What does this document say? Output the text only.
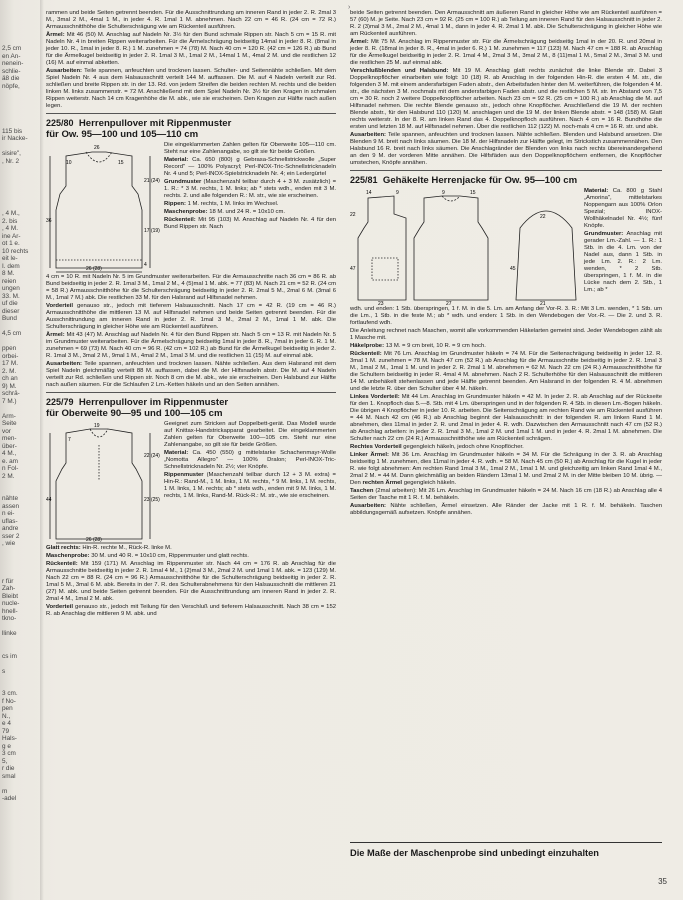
›

2,5 cm
en An-
nenein-
schlie-
ä8 die
nöpfe,

115 bis
ir Nacke-

sisire",
, Nr. 2

, 4 M.,
2. bis
, 4 M.
ine Ar-
ot 1 e.
10 rechts
eit le-
I. dem
8 M.
reien
ungen
33. M.
uf die
dieser
Bund

4,5 cm

ppen
orbei-
17 M.
2. M.
ch an
9) M.
schrä-
7 M.)

Arm-
Seite
vor
men-
über-
4 M.,
e. am
n Fol-
2 M.

nähte
assen
n ei-
uflas-
andre
sser 2
, wie

r für
Zah-
Bleibt
nucle-
hnell-
tkno-

llinke

cs im

s

3 cm.
f No-
pen
N.,
e 4
79
Hals-
g e
3 cm
5,
r die
smal

m
-adel

rammen und beide Seiten getrennt beenden. Für die Ausschnittrundung am inneren Rand in jeder 2. R. 2mal 3 M., 3mal 2 M., 4mal 1 M., in jeder 4. R. 1mal 1 M. abnehmen. Nach 22 cm = 46 R. (24 cm = 72 R.) Armausschnitthöhe die Schulterschrägung wie am Rückenteil ausführen.

Ärmel: Mit 46 (50) M. Anschlag auf Nadeln Nr. 3½ für den Bund schmale Rippen str. Nach 5 cm = 15 R. mit Nadeln Nr. 4 in breiten Rippen weiterarbeiten. Für die Ärmelschrägung beidseitig 14mal in jeder 8. R. (8mal in jeder 10. R., 1mal in jeder 8. R.) 1 M. zunehmen = 74 (78) M. Nach 40 cm = 120 R. (42 cm = 126 R.) ab Bund für die Ärmelkugel beidseitig in jeder 2. R. 1mal 3 M., 1mal 2 M., 14mal 1 M., 4mal 2 M. und die restlichen 12 (16) M. auf einmal abketten.

Ausarbeiten: Teile spannen, anfeuchten und trocknen lassen. Schulter- und Seitennähte schließen. Mit dem Spiel Nadeln Nr. 4 aus dem Halsausschnitt verteilt 144 M. auffassen. Die M. auf 4 Nadeln verteilt zur Rd. schließen und breite Rippen str. in der 13. Rd. von jedem Streifen die beiden rechten M. rechts und die beiden linken M. links zusammenstr. = 72 M. Anschließend mit dem Spiel Nadeln Nr. 3½ für den Kragen in schmalen Rippen weiterstr. Nach 14 cm Kragenhöhe die M. abk., wie sie erscheinen. Den Kragen zur Hälfte nach außen legen.

225/80 Herrenpullover mit Rippenmuster
für Ow. 95—100 und 105—110 cm
26
10	15
26 (28)
36
21 (24)
17 (19)
4

Die eingeklammerten Zahlen gelten für Oberweite 105—110 cm. Steht nur eine Zahlenangabe, so gilt sie für beide Größen.

Material: Ca. 650 (800) g Gebrasa-Schnellstrickwolle „Super Record" — 100% Polyacryl; Perl-INOX-Tric-Schnellstricknadeln Nr. 4 und 5; Perl-INOX-Spielstricknadeln Nr. 4; ein Ledergürtel

Grundmuster (Maschenzahl teilbar durch 4 + 3 M. zusätzlich) = 1. R.: * 3 M. rechts, 1 M. links; ab * stets wdh., enden mit 3 M. rechts. 2. und alle folgenden R.: M. str., wie sie erscheinen.

Rippen: 1 M. rechts, 1 M. links im Wechsel.

Maschenprobe: 18 M. und 24 R. = 10x10 cm.

Rückenteil: Mit 95 (103) M. Anschlag auf Nadeln Nr. 4 für den Bund Rippen str. Nach

4 cm = 10 R. mit Nadeln Nr. 5 im Grundmuster weiterarbeiten. Für die Armausschnitte nach 36 cm = 86 R. ab Bund beidseitig in jeder 2. R. 1mal 3 M., 1mal 2 M., 4 (5)mal 1 M. abk. = 77 (83) M. Nach 21 cm = 52 R. (24 cm = 58 R.) Armausschnitthöhe für die Schulterschrägung beidseitig in jeder 2. R. 2mal 5 M., 2mal 6 M. (3mal 6 M., 1mal 7 M.) abk. Die restlichen 33 M. für den Halsrand auf Hilfsnadel nehmen.

Vorderteil genauso str., jedoch mit tieferem Halsausschnitt. Nach 17 cm = 42 R. (19 cm = 46 R.) Armausschnitthöhe die mittleren 13 M. auf Hilfsnadel nehmen und beide Seiten getrennt beenden. Für die Ausschnittrundung am inneren Rand in jeder 2. R. 1mal 3 M., 2mal 2 M., 1mal 1 M. abk. Die Schulterschrägung in gleicher Höhe wie am Rückenteil ausführen.

Ärmel: Mit 43 (47) M. Anschlag auf Nadeln Nr. 4 für den Bund Rippen str. Nach 5 cm = 13 R. mit Nadeln Nr. 5 im Grundmuster weiterarbeiten. Für die Ärmelschrägung beidseitig 1mal in jeder 8. R., 7mal in jeder 6. R. 1 M. zunehmen = 69 (73) M. Nach 40 cm = 96 R. (42 cm = 102 R.) ab Bund für die Ärmelkugel beidseitig in jeder 2. R. 1mal 3 M., 3mal 2 M., 9mal 1 M., 4mal 2 M., 1mal 3 M. und die restlichen 11 (15) M. auf einmal abk.

Ausarbeiten: Teile spannen, anfeuchten und trocknen lassen. Nähte schließen. Aus dem Halsrand mit dem Spiel Nadeln gleichmäßig verteilt 88 M. auffassen, dabei die M. der Hilfsnadeln abstr. Die M. auf 4 Nadeln verteilt zur Rd. schließen und Rippen str. Noch 8 cm die M. abk., wie sie erscheinen. Den Halsbund zur Hälfte nach außen säumen. Für die Schlaufen 2 Lm.-Ketten häkeln und an den Seiten annähen.

225/79 Herrenpullover im Rippenmuster
für Oberweite 90—95 und 100—105 cm
19
7
26 (28)
44
22 (24)
23 (25)

Geeignet zum Stricken auf Doppelbett-gerät. Das Modell wurde auf Knittax-Handstrickapparat gearbeitet. Die eingeklammerten Zahlen gelten für Oberweite 100—105 cm. Steht nur eine Zahlenangabe, so gilt sie für beide Größen.

Material: Ca. 450 (550) g mittelstarke Schachenmayr-Wolle „Nomotta Allegro" — 100% Dralon; Perl-INOX-Tric-Schnellstricknadeln Nr. 2½; vier Knöpfe.

Rippenmuster (Maschenzahl teilbar durch 12 + 3 M. extra) = Hin-R.: Rand-M., 1 M. links, 1 M. rechts, * 9 M. links, 1 M. rechts, 1 M. links, 1 M. rechts; ab * stets wdh., enden mit 9 M. links, 1 M. rechts, 1 M. links, Rand-M. Rück-R.: M. str., wie sie erscheinen.

Glatt rechts: Hin-R. rechte M., Rück-R. linke M.

Maschenprobe: 30 M. und 40 R. = 10x10 cm, Rippenmuster und glatt rechts.

Rückenteil: Mit 159 (171) M. Anschlag im Rippenmuster str. Nach 44 cm = 176 R. ab Anschlag für die Armausschnitte beidseitig in jeder 2. R. 1mal 4 M., 1 (2)mal 3 M., 2mal 2 M. und 1mal 1 M. abk. = 123 (129) M. Nach 22 cm = 88 R. (24 cm = 96 R.) Armausschnitthöhe für die Schulterschrägung beidseitig in jeder 2. R. 1mal 5 M., 3mal 6 M. abk. Bereits in der 7. R. des Schulterabnehmens für den Halsausschnitt die mittleren 21 (27) M. abk. und beide Seiten getrennt beenden. Für die Ausschnittrundung am inneren Rand in jeder 2. R. 2mal 4 M., 1mal 2 M. abk.

Vorderteil genauso str., jedoch mit Teilung für den Verschluß und tieferem Halsausschnitt. Nach 38 cm = 152 R. ab Anschlag die mittleren 9 M. abk. und

beide Seiten getrennt beenden. Den Armausschnitt am äußeren Rand in gleicher Höhe wie am Rückenteil ausführen = 57 (60) M. je Seite. Nach 23 cm = 92 R. (25 cm = 100 R.) ab Teilung am inneren Rand für den Halsausschnitt in jeder 2. R. 2 (3)mal 3 M., 2mal 2 M., 4mal 1 M., dann in jeder 4. R. 2mal 1 M. abk. Die Schulterschrägung in gleicher Höhe wie am Rückenteil ausführen.

Ärmel: Mit 75 M. Anschlag im Rippenmuster str. Für die Ärmelschrägung beidseitig 1mal in der 20. R. und 20mal in jeder 8. R. (18mal in jeder 8. R., 4mal in jeder 6. R.) 1 M. zunehmen = 117 (123) M. Nach 47 cm = 188 R. ab Anschlag für die Ärmelkugel beidseitig in jeder 2. R. 1mal 4 M., 2mal 3 M., 3mal 2 M., 8 (11)mal 1 M., 5mal 2 M., 3mal 3 M. und die restlichen 25 M. auf einmal abk.

Verschlußblenden und Halsbund: Mit 19 M. Anschlag glatt rechts zunächst die linke Blende str. Dabei 3 Doppelknopflöcher einarbeiten wie folgt: 10 (18) R. ab Anschlag in der folgenden Hin-R. die ersten 4 M. str., die folgenden 3 M. mit einem andersfarbigen Faden abstr., den Arbeitsfaden hinter den M. weiterführen, die folgenden 4 M. str., die nächsten 3 M. nochmals mit dem andersfarbigen Faden abstr. und die restlichen 5 M. str. Im Abstand von 7,5 cm = 30 R. noch 2 weitere Doppelknopflöcher arbeiten. Nach 23 cm = 92 R. (25 cm = 100 R.) ab Anschlag die M. auf Hilfsnadel nehmen. Die rechte Blende genauso str., jedoch ohne Knopflöcher. Anschließend die 19 M. der rechten Blende abstr., für den Halsbund 110 (120) M. anschlagen und die 19 M. der linken Blende abstr. = 148 (158) M. Glatt rechts weiterstr. In der 8. R. am linken Rand das 4. Doppelknopfloch ausführen. Nach 4 cm = 16 R. Bundhöhe die ersten und letzten 18 M. auf Hilfsnadel nehmen. Über die restlichen 112 (122) M. noch-mals 4 cm = 16 R. str. und abk.

Ausarbeiten: Teile spannen, anfeuchten und trocknen lassen. Nähte schließen. Blenden und Halsbund ansetzen. Die Blenden 9 M. breit nach links säumen. Die 18 M. der Hilfsnadeln zur Hälfte gelegt, im Strickstich zusammennähen. Den Halsbund 16 R. breit nach links säumen. Die Anschlagränder der Blenden von links nach rechts übereinandergehend an den 9 M. der vorderen Mitte annähen. Die Hilfsfäden aus den Doppelknopflöchern entfernen, die Knopflöcher umstechen, Knöpfe annähen.

225/81 Gehäkelte Herrenjacke für Ow. 95—100 cm
14	9	9	15
47
22
23	27
45
22
21

Material: Ca. 800 g Stahl „Amorina", mittelstarkes Noppengarn aus 100% Orlon Spezial; INOX-Wollhäkelnadel Nr. 4½; fünf Knöpfe.

Grundmuster: Anschlag mit gerader Lm.-Zahl. — 1. R.: 1 Stb. in die 4. Lm. von der Nadel aus, dann 1 Stb. in jede Lm. 2. R.: 2 Lm. wenden, * 2 Stb. überspringen, 1 f. M. in die Lücke nach dem 2. Stb., 1 Lm.; ab *

wdh. und enden: 1 Stb. überspringen, 1 f. M. in die 5. Lm. am Anfang der Vor-R. 3. R.: Mit 3 Lm. wenden, * 1 Stb. um die Lm., 1 Stb. in die feste M.; ab * wdh. und enden: 1 Stb. in den Wendebogen der Vor.-R. — Die 2. und 3. R. fortlaufend wdh.

Die Anleitung rechnet nach Maschen, womit alle vorkommenden Häkelarten gemeint sind. Jeder Wendebogen zählt als 1 Masche mit.

Häkelprobe: 13 M. = 9 cm breit, 10 R. = 9 cm hoch.

Rückenteil: Mit 76 Lm. Anschlag im Grundmuster häkeln = 74 M. Für die Seitenschrägung beidseitig in jeder 12. R. 3mal 1 M. zunehmen = 78 M. Nach 47 cm (52 R.) ab Anschlag für die Armausschnitte beidseitig in jeder 2. R. 1mal 3 M., 1mal 2 M., 1mal 1 M. und in jeder 2. R. 2mal 1 M. abnehmen = 62 M. Nach 22 cm (24 R.) Armausschnitthöhe für die Schultern beidseitig in jeder R. 4mal 4 M. abnehmen. Nach 2 R. Schulterhöhe für den Halsausschnitt die mittleren 14 M. unbehäkelt stehenlassen und jede Hälfte getrennt beenden. Am Halsrand in der folgenden R. 4 M. abnehmen und die letzte R. über den Schulter über 4 M. häkeln.

Linkes Vorderteil: Mit 44 Lm. Anschlag im Grundmuster häkeln = 42 M. In jeder 2. R. ab Anschlag auf der Rückseite für den 1. Knopfloch das 5.—8. Stb. mit 4 Lm. überspringen und in der folgenden R. 4 Stb. in diesen Lm.-Bogen häkeln. Die übrigen 4 Knopflöcher in jeder 10. R. arbeiten. Die Seitenschrägung am rechten Rand wie am Rückenteil ausführen = 44 M. Nach 42 cm (46 R.) ab Anschlag beginnt der Halsausschnitt: in der folgenden R. am linken Rand 1 M. abnehmen, dies 11mal in jeder 2. R. und 2mal in jeder 4. R. wdh. Dazwischen den Armausschnitt nach 47 cm (52 R.) ab Anschlag arbeiten: in jeder 2. R. 1mal 3 M., 1mal 2 M. und 1mal 1 M. und in jeder 4. R. 2mal 1 M. abnehmen. Die Schulter nach 22 cm (24 R.) Armausschnitthöhe wie am Rückenteil schrägen.

Rechtes Vorderteil gegengleich häkeln, jedoch ohne Knopflöcher.

Linker Ärmel: Mit 36 Lm. Anschlag im Grundmuster häkeln = 34 M. Für die Schrägung in der 3. R. ab Anschlag beidseitig 1 M. zunehmen, dies 11mal in jeder 4. R. wdh. = 58 M. Nach 45 cm (50 R.) ab Anschlag für die Kugel in jeder R. wie folgt abnehmen: Am rechten Rand 1mal 3 M., 1mal 2 M., 1mal 1 M. und gleichzeitig am linken Rand 1mal 4 M., 2mal 2 M. = 44 M. Dann gleichmäßig an beiden Rändern 13mal 1 M. und 2mal 2 M. in der Mitte bleiben 10 M. übrig. — Den rechten Ärmel gegengleich häkeln.

Taschen (2mal arbeiten): Mit 26 Lm. Anschlag im Grundmuster häkeln = 24 M. Nach 16 cm (18 R.) ab Anschlag alle 4 Seiten der Tasche mit 1 R. f. M. behäkeln.

Ausarbeiten: Nähte schließen, Ärmel einsetzen. Alle Ränder der Jacke mit 1 R. f. M. behäkeln. Taschen abbildungsgemäß aufsetzen. Knöpfe annähen.

Die Maße der Maschenprobe sind unbedingt einzuhalten
35
